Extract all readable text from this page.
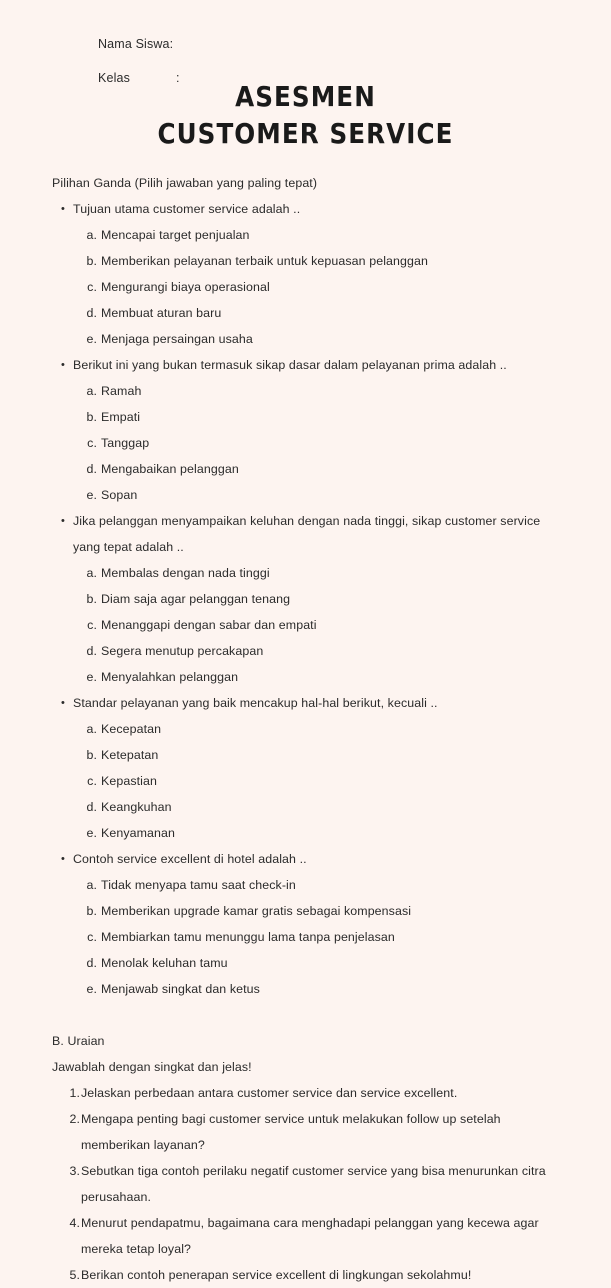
Nama Siswa:
Kelas	:
ASESMEN
CUSTOMER SERVICE
Pilihan Ganda (Pilih jawaban yang paling tepat)
• Tujuan utama customer service adalah ..
a. Mencapai target penjualan
b. Memberikan pelayanan terbaik untuk kepuasan pelanggan
c. Mengurangi biaya operasional
d. Membuat aturan baru
e. Menjaga persaingan usaha
• Berikut ini yang bukan termasuk sikap dasar dalam pelayanan prima adalah ..
a. Ramah
b. Empati
c. Tanggap
d. Mengabaikan pelanggan
e. Sopan
• Jika pelanggan menyampaikan keluhan dengan nada tinggi, sikap customer service yang tepat adalah ..
a. Membalas dengan nada tinggi
b. Diam saja agar pelanggan tenang
c. Menanggapi dengan sabar dan empati
d. Segera menutup percakapan
e. Menyalahkan pelanggan
• Standar pelayanan yang baik mencakup hal-hal berikut, kecuali ..
a. Kecepatan
b. Ketepatan
c. Kepastian
d. Keangkuhan
e. Kenyamanan
• Contoh service excellent di hotel adalah ..
a. Tidak menyapa tamu saat check-in
b. Memberikan upgrade kamar gratis sebagai kompensasi
c. Membiarkan tamu menunggu lama tanpa penjelasan
d. Menolak keluhan tamu
e. Menjawab singkat dan ketus
B. Uraian
Jawablah dengan singkat dan jelas!
1. Jelaskan perbedaan antara customer service dan service excellent.
2. Mengapa penting bagi customer service untuk melakukan follow up setelah memberikan layanan?
3. Sebutkan tiga contoh perilaku negatif customer service yang bisa menurunkan citra perusahaan.
4. Menurut pendapatmu, bagaimana cara menghadapi pelanggan yang kecewa agar mereka tetap loyal?
5. Berikan contoh penerapan service excellent di lingkungan sekolahmu!
